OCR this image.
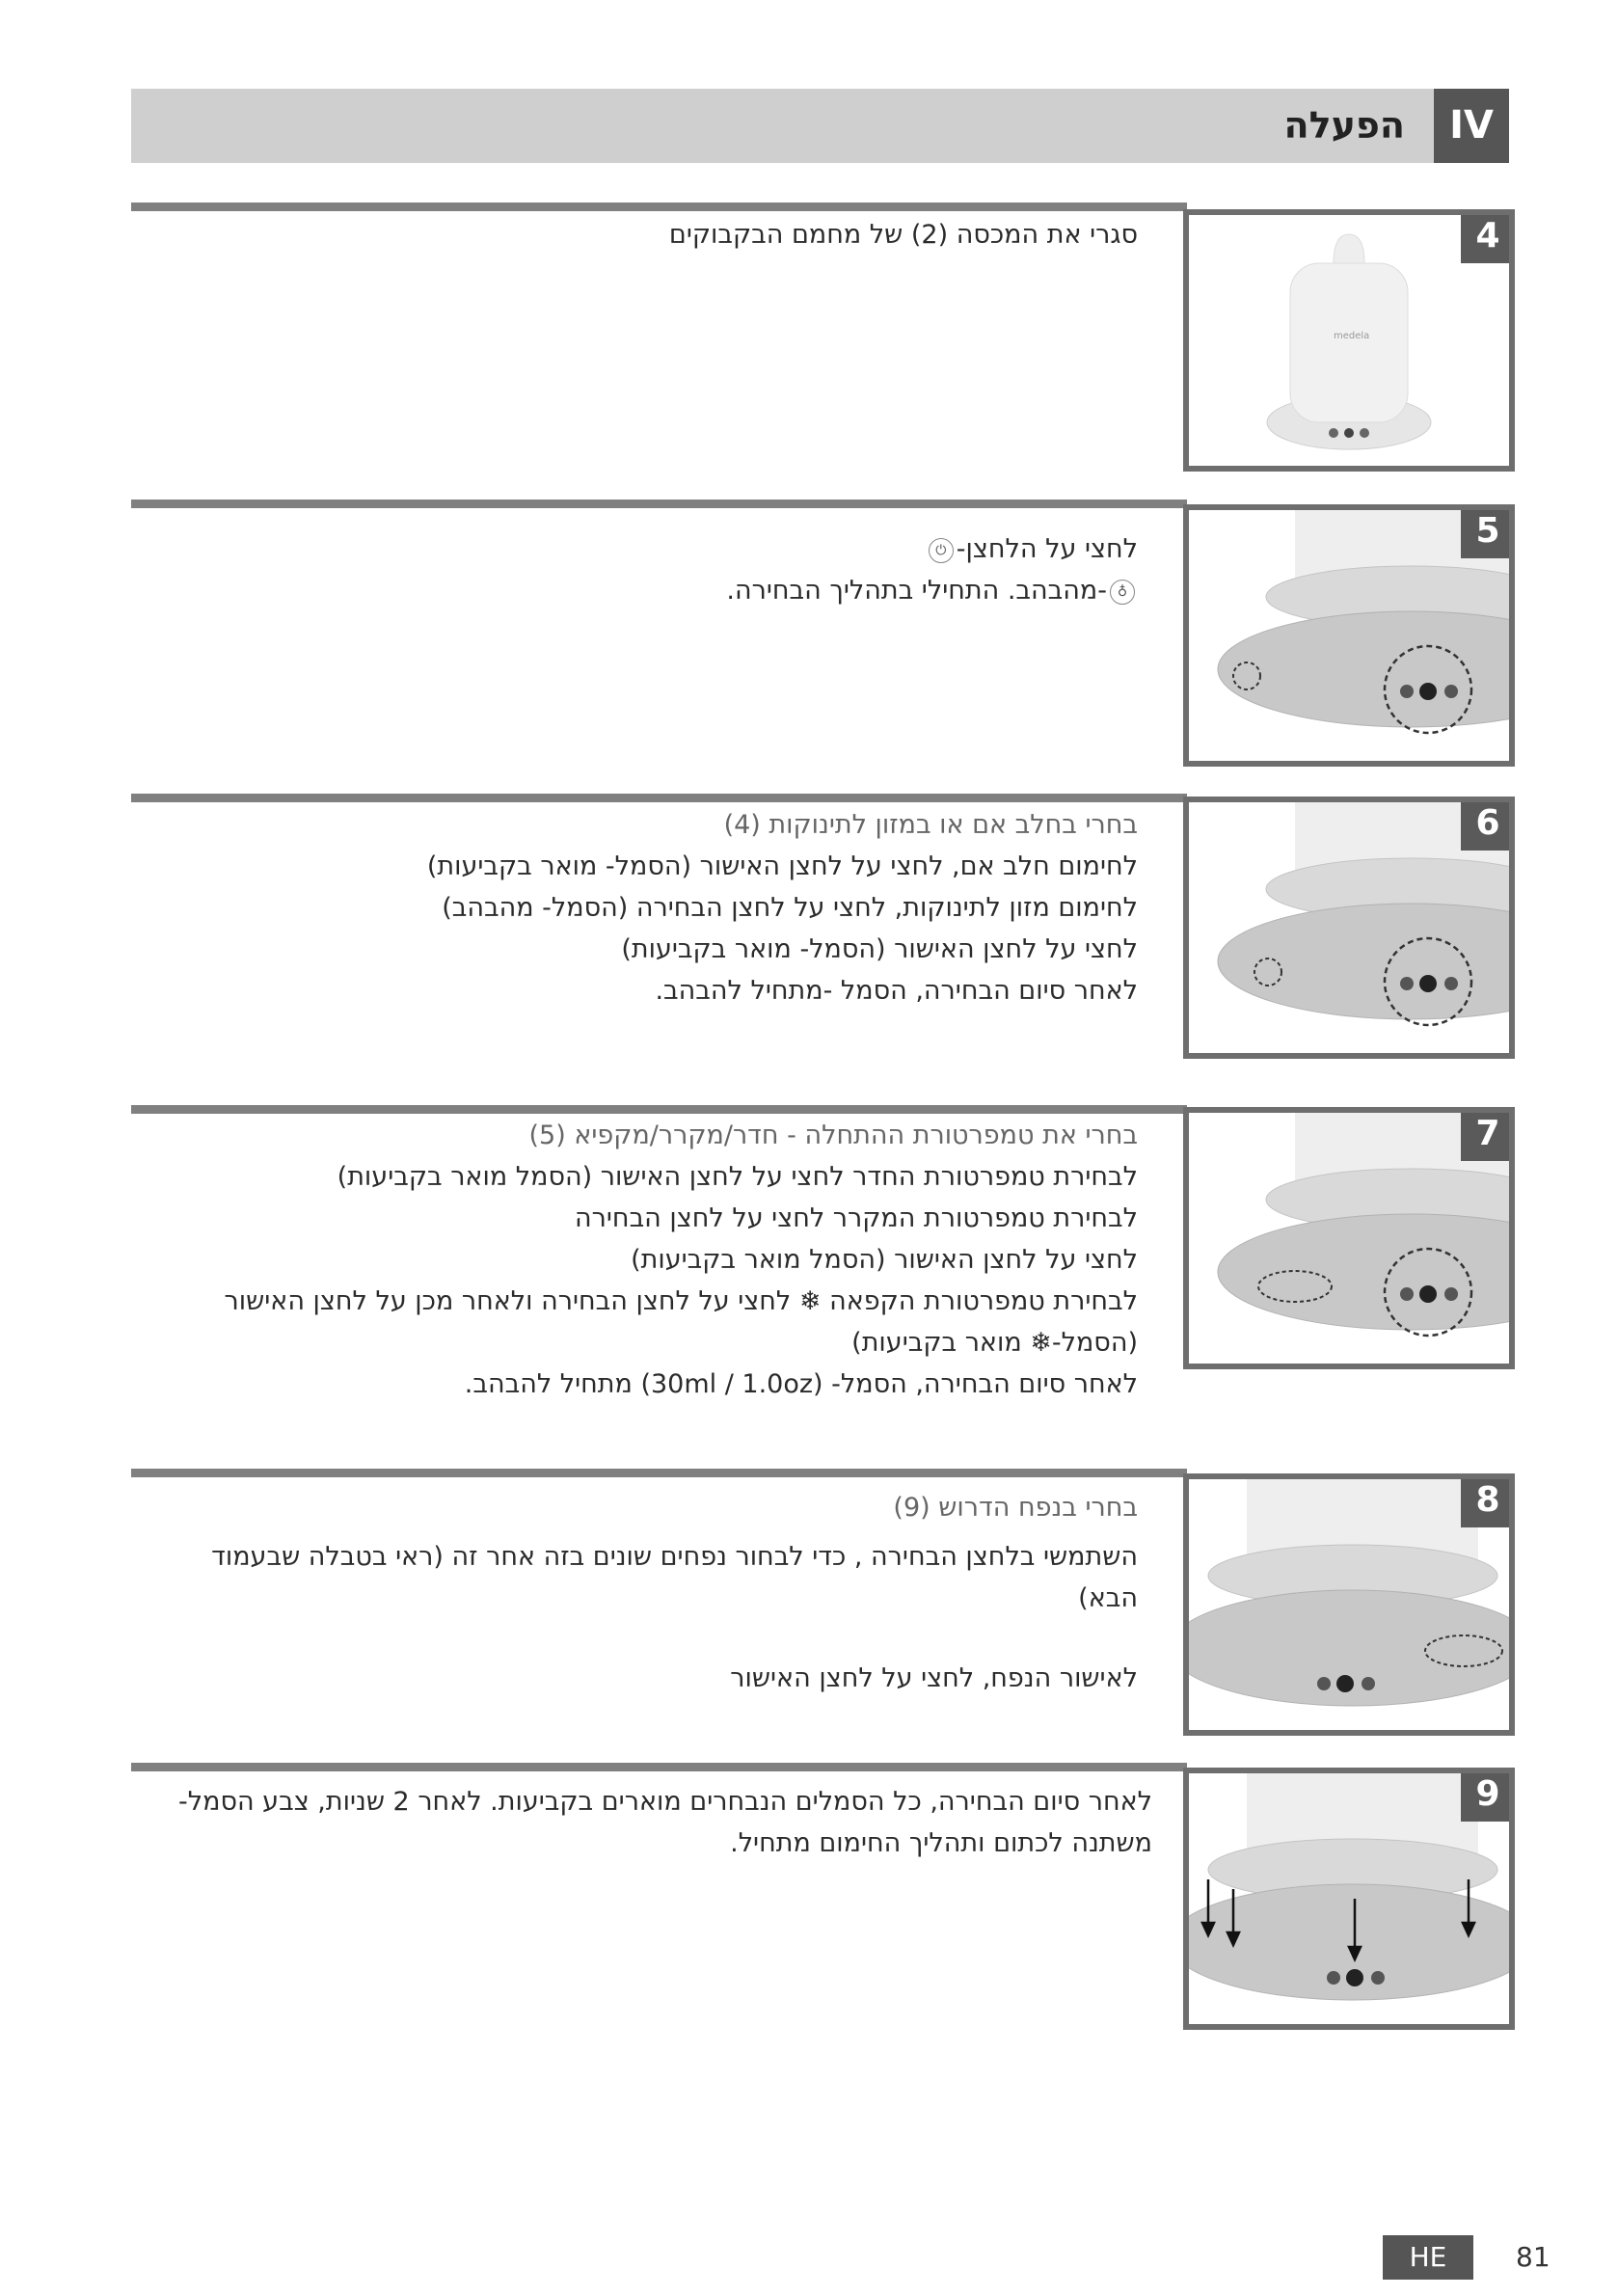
הפעלה	IV

סגרי את המכסה (2) של מחמם הבקבוקים	4
medela

לחצי על הלחצן-⏻

♁-מהבהב. התחילי בתהליך הבחירה.

5

בחרי בחלב אם או במזון לתינוקות (4)

לחימום חלב אם, לחצי על לחצן האישור (הסמל- מואר בקביעות)

לחימום מזון לתינוקות, לחצי על לחצן הבחירה (הסמל- מהבהב)

לחצי על לחצן האישור (הסמל- מואר בקביעות)

לאחר סיום הבחירה, הסמל -מתחיל להבהב.

6

בחרי את טמפרטורת ההתחלה - חדר/מקרר/מקפיא (5)

לבחירת טמפרטורת החדר לחצי על לחצן האישור (הסמל מואר בקביעות)

לבחירת טמפרטורת המקרר לחצי על לחצן הבחירה

לחצי על לחצן האישור (הסמל מואר בקביעות)

לבחירת טמפרטורת הקפאה ❄ לחצי על לחצן הבחירה ולאחר מכן על לחצן האישור (הסמל-❄ מואר בקביעות)

לאחר סיום הבחירה, הסמל- (30ml / 1.0oz) מתחיל להבהב.

7

בחרי בנפח הדרוש (9)

השתמשי בלחצן הבחירה , כדי לבחור נפחים שונים בזה אחר זה (ראי בטבלה שבעמוד הבא)

לאישור הנפח, לחצי על לחצן האישור

8

לאחר סיום הבחירה, כל הסמלים הנבחרים מוארים בקביעות. לאחר 2 שניות, צבע הסמל- משתנה לכתום ותהליך החימום מתחיל.

9
HE	81
